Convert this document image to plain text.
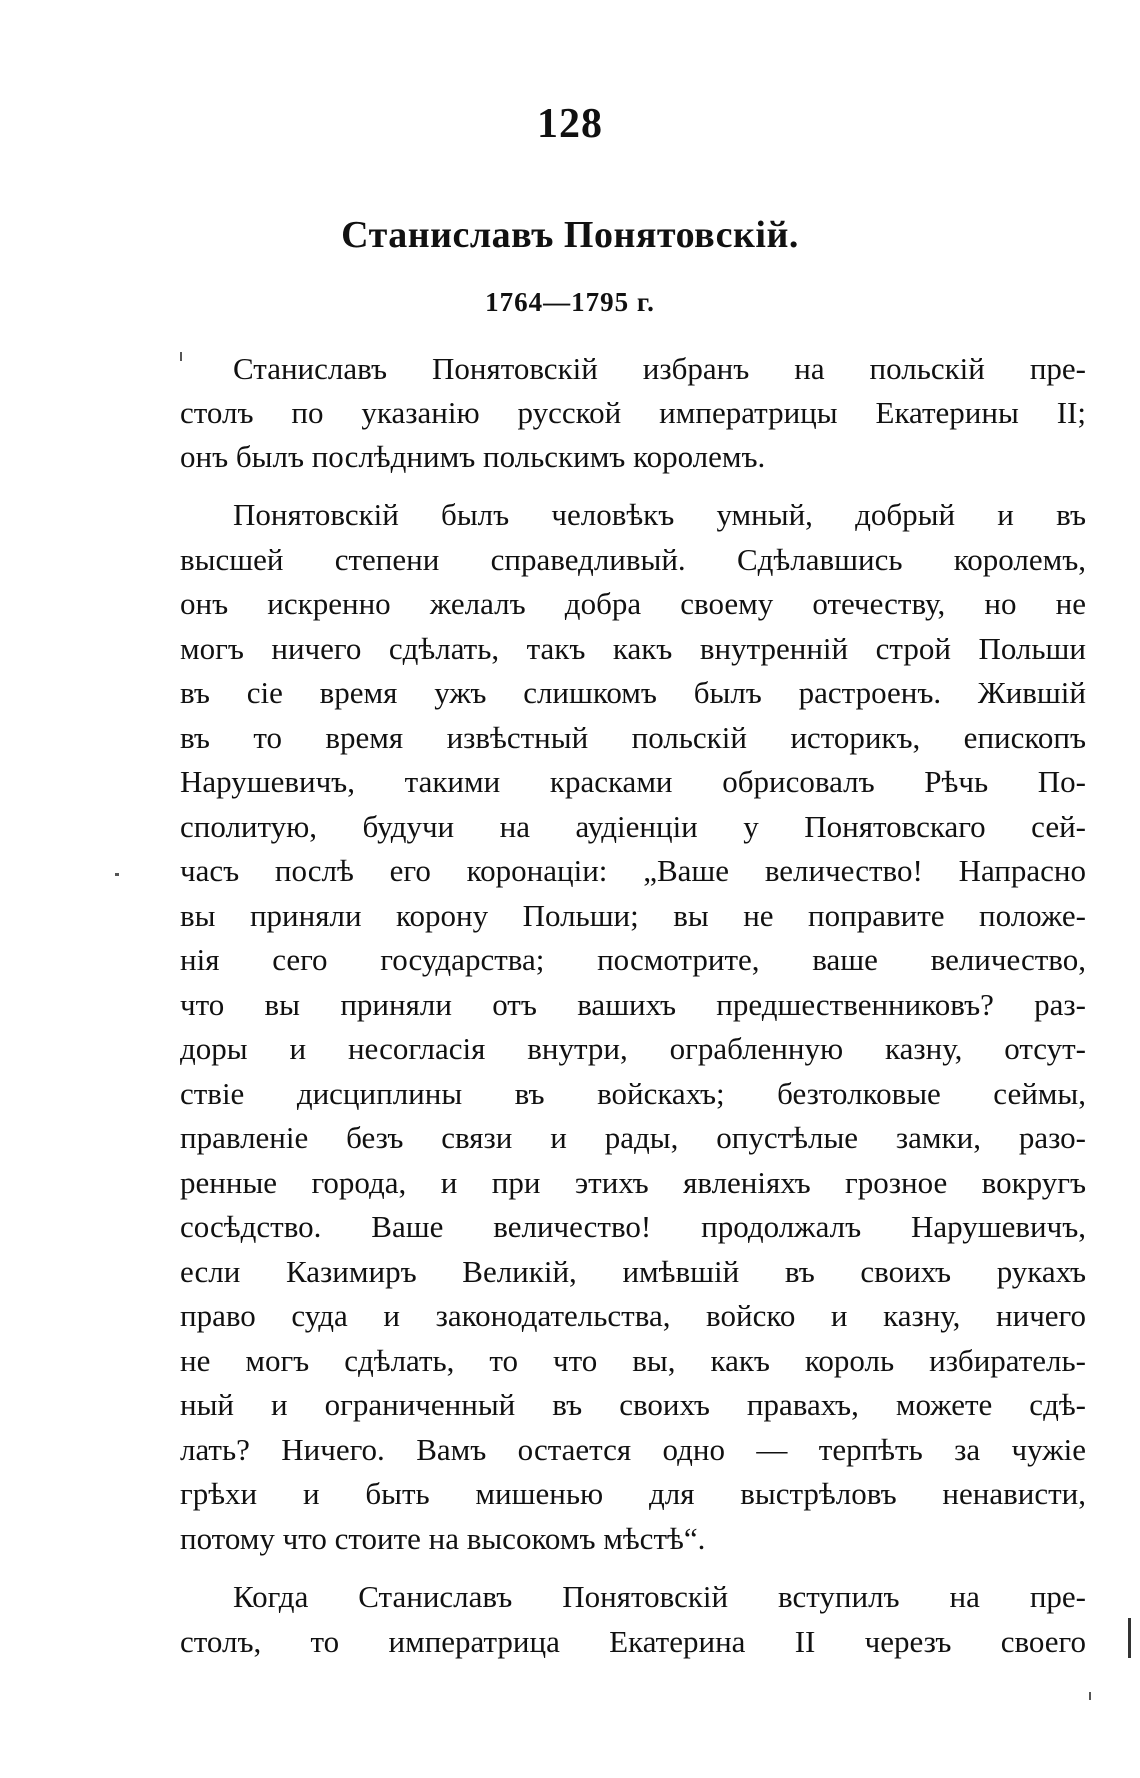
128
Станиславъ Понятовскій.
1764—1795 г.
Станиславъ Понятовскій избранъ на польскій пре-
столъ по указанію русской императрицы Екатерины II;
онъ былъ послѣднимъ польскимъ королемъ.
Понятовскій былъ человѣкъ умный, добрый и въ
высшей степени справедливый. Сдѣлавшись королемъ,
онъ искренно желалъ добра своему отечеству, но не
могъ ничего сдѣлать, такъ какъ внутренній строй Польши
въ сіе время ужъ слишкомъ былъ растроенъ. Жившій
въ то время извѣстный польскій историкъ, епископъ
Нарушевичъ, такими красками обрисовалъ Рѣчь По-
сполитую, будучи на аудіенціи у Понятовскаго сей-
часъ послѣ его коронаціи: „Ваше величество! Напрасно
вы приняли корону Польши; вы не поправите положе-
нія сего государства; посмотрите, ваше величество,
что вы приняли отъ вашихъ предшественниковъ? раз-
доры и несогласія внутри, ограбленную казну, отсут-
ствіе дисциплины въ войскахъ; безтолковые сеймы,
правленіе безъ связи и рады, опустѣлые замки, разо-
ренные города, и при этихъ явленіяхъ грозное вокругъ
сосѣдство. Ваше величество! продолжалъ Нарушевичъ,
если Казимиръ Великій, имѣвшій въ своихъ рукахъ
право суда и законодательства, войско и казну, ничего
не могъ сдѣлать, то что вы, какъ король избиратель-
ный и ограниченный въ своихъ правахъ, можете сдѣ-
лать? Ничего. Вамъ остается одно — терпѣть за чужіе
грѣхи и быть мишенью для выстрѣловъ ненависти,
потому что стоите на высокомъ мѣстѣ“.
Когда Станиславъ Понятовскій вступилъ на пре-
столъ, то императрица Екатерина II черезъ своего
